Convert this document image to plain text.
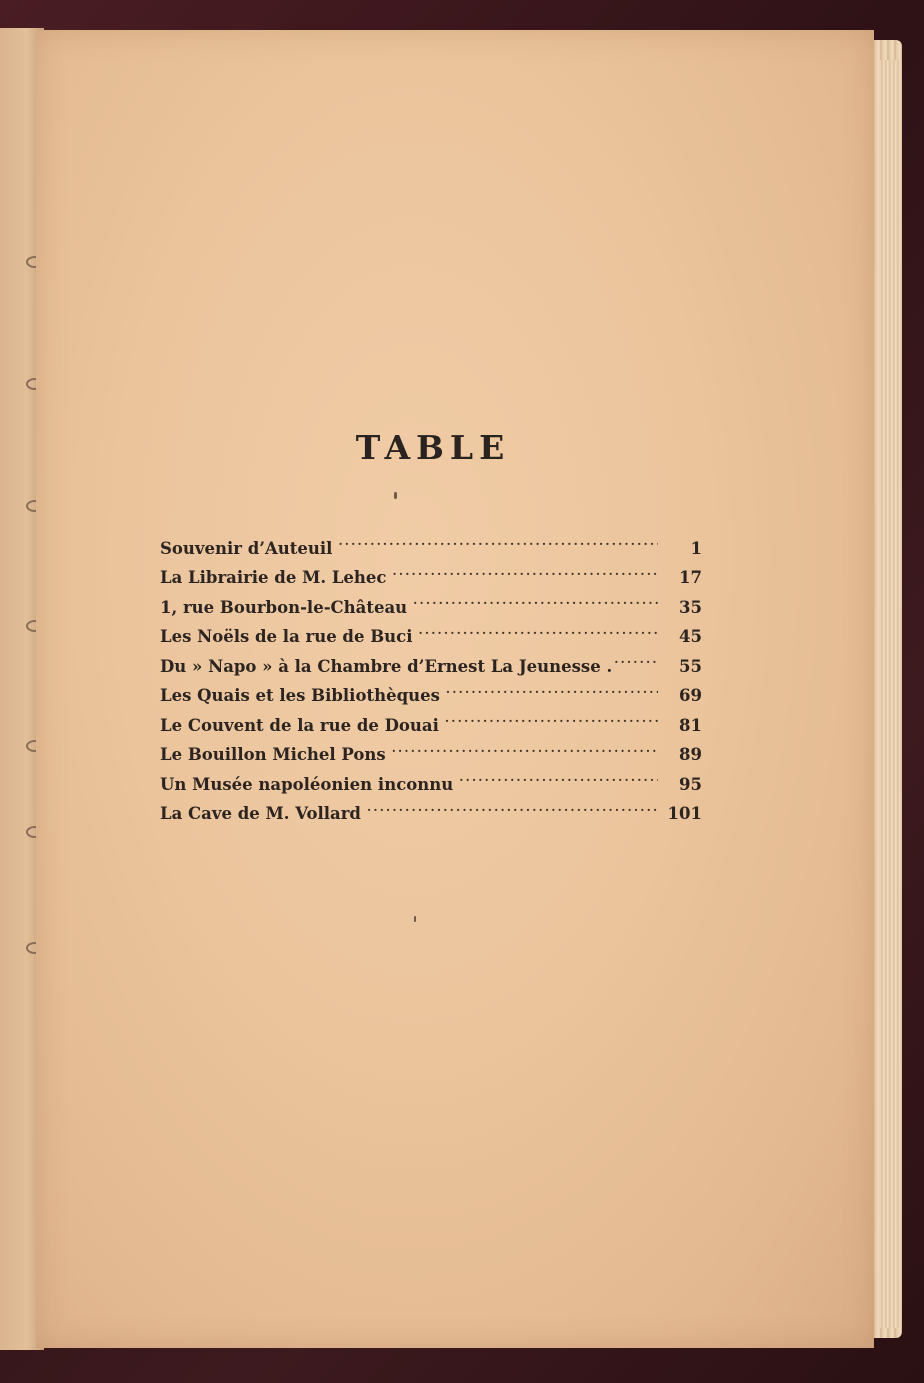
TABLE
Souvenir d’Auteuil . . .	1
La Librairie de M. Lehec . . .	17
1, rue Bourbon-le-Château . . .	35
Les Noëls de la rue de Buci . . .	45
Du » Napo » à la Chambre d’Ernest La Jeunesse . . . .	55
Les Quais et les Bibliothèques . . .	69
Le Couvent de la rue de Douai . . .	81
Le Bouillon Michel Pons . . .	89
Un Musée napoléonien inconnu . . .	95
La Cave de M. Vollard . . .	101
